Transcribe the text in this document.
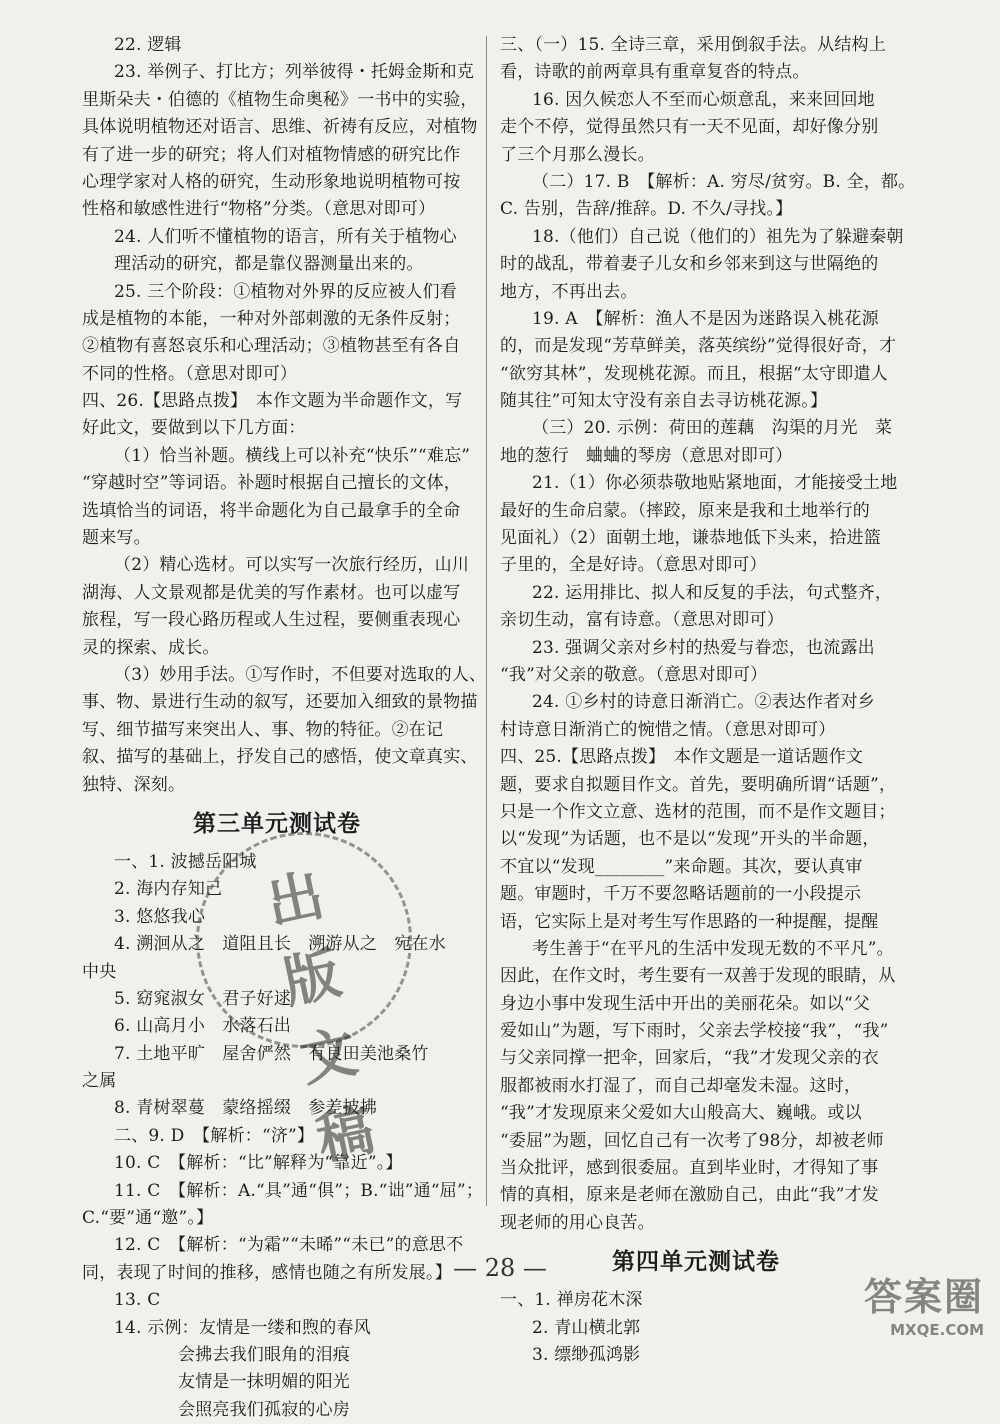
22. 逻辑
23. 举例子、打比方；列举彼得・托姆金斯和克
里斯朵夫・伯德的《植物生命奥秘》一书中的实验，
具体说明植物还对语言、思维、祈祷有反应，对植物
有了进一步的研究；将人们对植物情感的研究比作
心理学家对人格的研究，生动形象地说明植物可按
性格和敏感性进行“物格”分类。（意思对即可）
24. 人们听不懂植物的语言，所有关于植物心
理活动的研究，都是靠仪器测量出来的。
25. 三个阶段：①植物对外界的反应被人们看
成是植物的本能，一种对外部刺激的无条件反射；
②植物有喜怒哀乐和心理活动；③植物甚至有各自
不同的性格。（意思对即可）
四、26.【思路点拨】　本作文题为半命题作文，写
好此文，要做到以下几方面：
（1）恰当补题。横线上可以补充“快乐”“难忘”
“穿越时空”等词语。补题时根据自己擅长的文体，
选填恰当的词语，将半命题化为自己最拿手的全命
题来写。
（2）精心选材。可以实写一次旅行经历，山川
湖海、人文景观都是优美的写作素材。也可以虚写
旅程，写一段心路历程或人生过程，要侧重表现心
灵的探索、成长。
（3）妙用手法。①写作时，不但要对选取的人、
事、物、景进行生动的叙写，还要加入细致的景物描
写、细节描写来突出人、事、物的特征。②在记
叙、描写的基础上，抒发自己的感悟，使文章真实、
独特、深刻。
第三单元测试卷
一、1. 波撼岳阳城
2. 海内存知己
3. 悠悠我心
4. 溯洄从之　道阻且长　溯游从之　宛在水
中央
5. 窈窕淑女　君子好逑
6. 山高月小　水落石出
7. 土地平旷　屋舍俨然　有良田美池桑竹
之属
8. 青树翠蔓　蒙络摇缀　参差披拂
二、9. D　【解析：“济”】
10. C　【解析：“比”解释为“靠近”。】
11. C　【解析：A.“具”通“俱”；B.“诎”通“屈”；
C.“要”通“邀”。】
12. C　【解析：“为霜”“未晞”“未已”的意思不
同，表现了时间的推移，感情也随之有所发展。】
13. C
14. 示例：友情是一缕和煦的春风
会拂去我们眼角的泪痕
友情是一抹明媚的阳光
会照亮我们孤寂的心房
三、（一）15. 全诗三章，采用倒叙手法。从结构上
看，诗歌的前两章具有重章复沓的特点。
16. 因久候恋人不至而心烦意乱，来来回回地
走个不停，觉得虽然只有一天不见面，却好像分别
了三个月那么漫长。
（二）17. B　【解析：A. 穷尽/贫穷。B. 全，都。
C. 告别，告辞/推辞。D. 不久/寻找。】
18.（他们）自己说（他们的）祖先为了躲避秦朝
时的战乱，带着妻子儿女和乡邻来到这与世隔绝的
地方，不再出去。
19. A　【解析：渔人不是因为迷路误入桃花源
的，而是发现“芳草鲜美，落英缤纷”觉得很好奇，才
“欲穷其林”，发现桃花源。而且，根据“太守即遣人
随其往”可知太守没有亲自去寻访桃花源。】
（三）20. 示例：荷田的莲藕　沟渠的月光　菜
地的葱行　蛐蛐的琴房（意思对即可）
21.（1）你必须恭敬地贴紧地面，才能接受土地
最好的生命启蒙。（摔跤，原来是我和土地举行的
见面礼）（2）面朝土地，谦恭地低下头来，拾进篮
子里的，全是好诗。（意思对即可）
22. 运用排比、拟人和反复的手法，句式整齐，
亲切生动，富有诗意。（意思对即可）
23. 强调父亲对乡村的热爱与眷恋，也流露出
“我”对父亲的敬意。（意思对即可）
24. ①乡村的诗意日渐消亡。②表达作者对乡
村诗意日渐消亡的惋惜之情。（意思对即可）
四、25.【思路点拨】　本作文题是一道话题作文
题，要求自拟题目作文。首先，要明确所谓“话题”，
只是一个作文立意、选材的范围，而不是作文题目；
以“发现”为话题，也不是以“发现”开头的半命题，
不宜以“发现________”来命题。其次，要认真审
题。审题时，千万不要忽略话题前的一小段提示
语，它实际上是对考生写作思路的一种提醒，提醒
考生善于“在平凡的生活中发现无数的不平凡”。
因此，在作文时，考生要有一双善于发现的眼睛，从
身边小事中发现生活中开出的美丽花朵。如以“父
爱如山”为题，写下雨时，父亲去学校接“我”，“我”
与父亲同撑一把伞，回家后，“我”才发现父亲的衣
服都被雨水打湿了，而自己却毫发未湿。这时，
“我”才发现原来父爱如大山般高大、巍峨。或以
“委屈”为题，回忆自己有一次考了98分，却被老师
当众批评，感到很委屈。直到毕业时，才得知了事
情的真相，原来是老师在激励自己，由此“我”才发
现老师的用心良苦。
第四单元测试卷
一、1. 禅房花木深
2. 青山横北郭
3. 缥缈孤鸿影
出版文稿
— 28 —
答案圈
MXQE.COM
